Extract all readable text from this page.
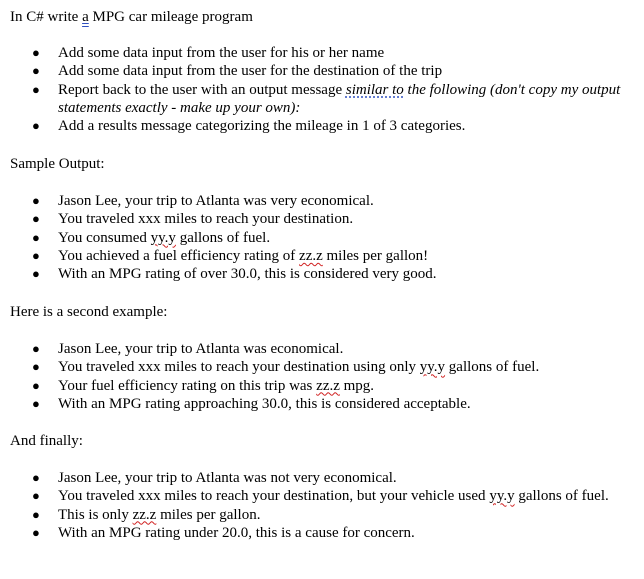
In C# write a MPG car mileage program
● Add some data input from the user for his or her name
● Add some data input from the user for the destination of the trip
● Report back to the user with an output message similar to the following (don't copy my output statements exactly - make up your own):
● Add a results message categorizing the mileage in 1 of 3 categories.
Sample Output:
● Jason Lee, your trip to Atlanta was very economical.
● You traveled xxx miles to reach your destination.
● You consumed yy.y gallons of fuel.
● You achieved a fuel efficiency rating of zz.z miles per gallon!
● With an MPG rating of over 30.0, this is considered very good.
Here is a second example:
● Jason Lee, your trip to Atlanta was economical.
● You traveled xxx miles to reach your destination using only yy.y gallons of fuel.
● Your fuel efficiency rating on this trip was zz.z mpg.
● With an MPG rating approaching 30.0, this is considered acceptable.
And finally:
● Jason Lee, your trip to Atlanta was not very economical.
● You traveled xxx miles to reach your destination, but your vehicle used yy.y gallons of fuel.
● This is only zz.z miles per gallon.
● With an MPG rating under 20.0, this is a cause for concern.
